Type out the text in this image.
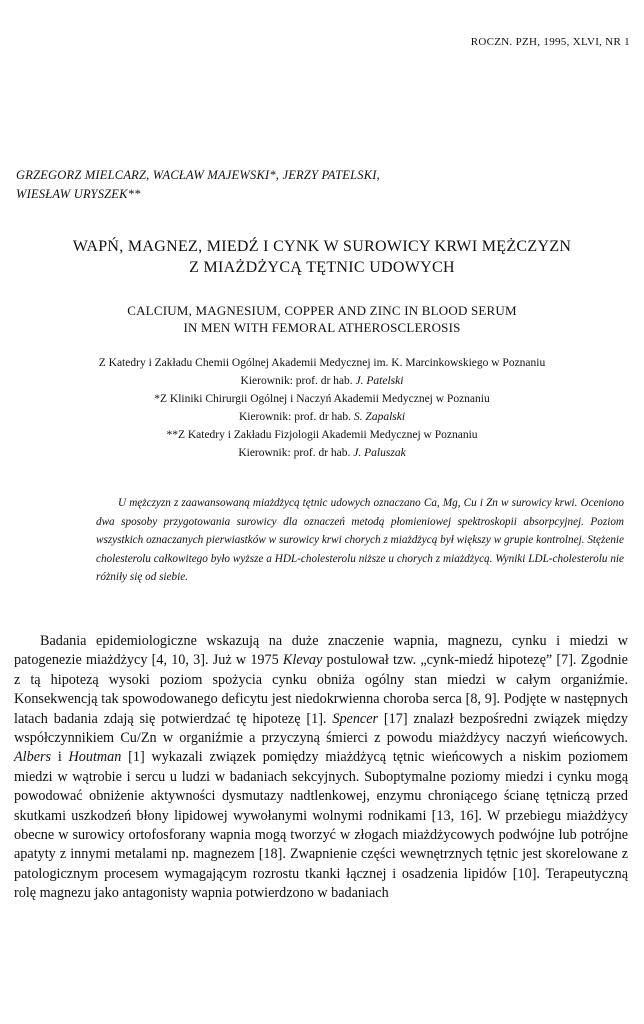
ROCZN. PZH, 1995, XLVI, NR 1
GRZEGORZ MIELCARZ, WACŁAW MAJEWSKI*, JERZY PATELSKI,
WIESŁAW URYSZEK**
WAPŃ, MAGNEZ, MIEDŹ I CYNK W SUROWICY KRWI MĘŻCZYZN
Z MIAŻDŻYCĄ TĘTNIC UDOWYCH
CALCIUM, MAGNESIUM, COPPER AND ZINC IN BLOOD SERUM
IN MEN WITH FEMORAL ATHEROSCLEROSIS
Z Katedry i Zakładu Chemii Ogólnej Akademii Medycznej im. K. Marcinkowskiego w Poznaniu
Kierownik: prof. dr hab. J. Patelski
*Z Kliniki Chirurgii Ogólnej i Naczyń Akademii Medycznej w Poznaniu
Kierownik: prof. dr hab. S. Zapalski
**Z Katedry i Zakładu Fizjologii Akademii Medycznej w Poznaniu
Kierownik: prof. dr hab. J. Paluszak

U mężczyzn z zaawansowaną miażdżycą tętnic udowych oznaczano Ca, Mg, Cu i Zn w surowicy krwi. Oceniono dwa sposoby przygotowania surowicy dla oznaczeń metodą płomieniowej spektroskopii absorpcyjnej. Poziom wszystkich oznaczanych pierwiastków w surowicy krwi chorych z miażdżycą był większy w grupie kontrolnej. Stężenie cholesterolu całkowitego było wyższe a HDL-cholesterolu niższe u chorych z miażdżycą. Wyniki LDL-cholesterolu nie różniły się od siebie.

Badania epidemiologiczne wskazują na duże znaczenie wapnia, magnezu, cynku i miedzi w patogenezie miażdżycy [4, 10, 3]. Już w 1975 Klevay postulował tzw. „cynk-miedź hipotezę” [7]. Zgodnie z tą hipotezą wysoki poziom spożycia cynku obniża ogólny stan miedzi w całym organiźmie. Konsekwencją tak spowodowanego deficytu jest niedokrwienna choroba serca [8, 9]. Podjęte w następnych latach badania zdają się potwierdzać tę hipotezę [1]. Spencer [17] znalazł bezpośredni związek między współczynnikiem Cu/Zn w organiźmie a przyczyną śmierci z powodu miażdżycy naczyń wieńcowych. Albers i Houtman [1] wykazali związek pomiędzy miażdżycą tętnic wieńcowych a niskim poziomem miedzi w wątrobie i sercu u ludzi w badaniach sekcyjnych. Suboptymalne poziomy miedzi i cynku mogą powodować obniżenie aktywności dysmutazy nadtlenkowej, enzymu chroniącego ścianę tętniczą przed skutkami uszkodzeń błony lipidowej wywołanymi wolnymi rodnikami [13, 16]. W przebiegu miażdżycy obecne w surowicy ortofosforany wapnia mogą tworzyć w złogach miażdżycowych podwójne lub potrójne apatyty z innymi metalami np. magnezem [18]. Zwapnienie części wewnętrznych tętnic jest skorelowane z patologicznym procesem wymagającym rozrostu tkanki łącznej i osadzenia lipidów [10]. Terapeutyczną rolę magnezu jako antagonisty wapnia potwierdzono w badaniach
